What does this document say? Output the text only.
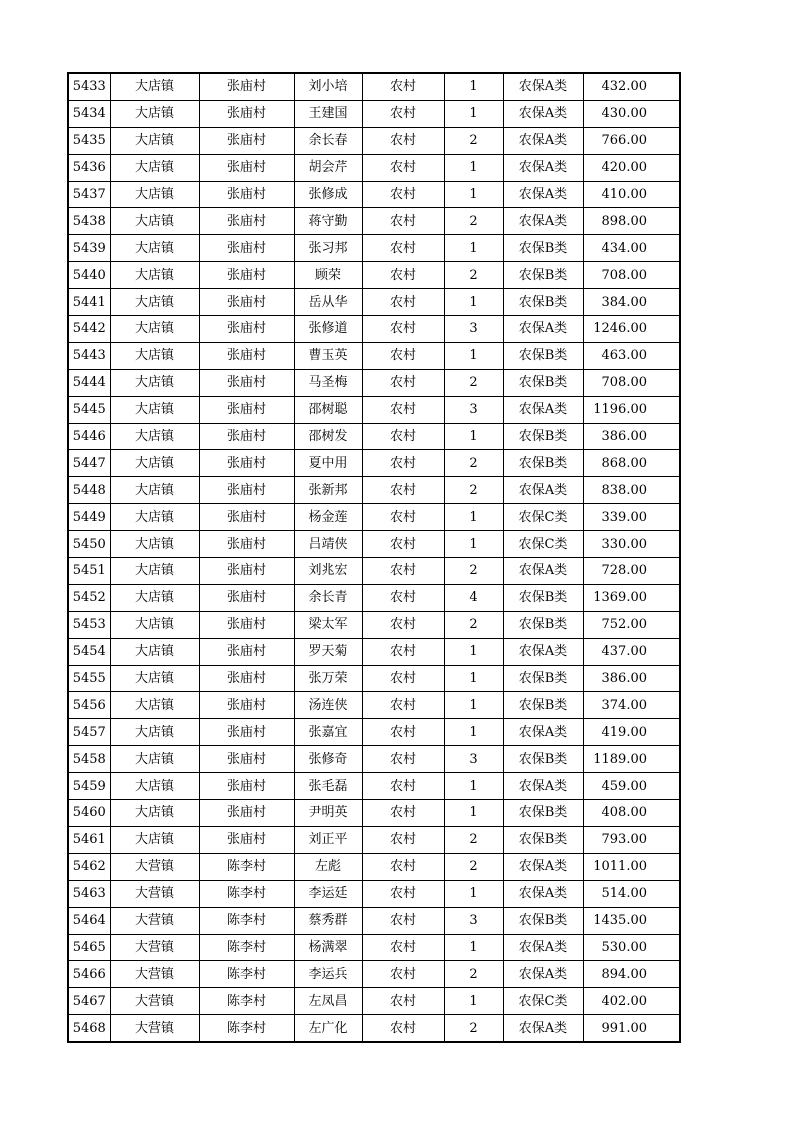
5433	大店镇	张庙村	刘小培	农村	1	农保A类	432.00
5434	大店镇	张庙村	王建国	农村	1	农保A类	430.00
5435	大店镇	张庙村	余长春	农村	2	农保A类	766.00
5436	大店镇	张庙村	胡会芹	农村	1	农保A类	420.00
5437	大店镇	张庙村	张修成	农村	1	农保A类	410.00
5438	大店镇	张庙村	蒋守勤	农村	2	农保A类	898.00
5439	大店镇	张庙村	张习邦	农村	1	农保B类	434.00
5440	大店镇	张庙村	顾荣	农村	2	农保B类	708.00
5441	大店镇	张庙村	岳从华	农村	1	农保B类	384.00
5442	大店镇	张庙村	张修道	农村	3	农保A类	1246.00
5443	大店镇	张庙村	曹玉英	农村	1	农保B类	463.00
5444	大店镇	张庙村	马圣梅	农村	2	农保B类	708.00
5445	大店镇	张庙村	邵树聪	农村	3	农保A类	1196.00
5446	大店镇	张庙村	邵树发	农村	1	农保B类	386.00
5447	大店镇	张庙村	夏中用	农村	2	农保B类	868.00
5448	大店镇	张庙村	张新邦	农村	2	农保A类	838.00
5449	大店镇	张庙村	杨金莲	农村	1	农保C类	339.00
5450	大店镇	张庙村	吕靖侠	农村	1	农保C类	330.00
5451	大店镇	张庙村	刘兆宏	农村	2	农保A类	728.00
5452	大店镇	张庙村	余长青	农村	4	农保B类	1369.00
5453	大店镇	张庙村	梁太军	农村	2	农保B类	752.00
5454	大店镇	张庙村	罗天菊	农村	1	农保A类	437.00
5455	大店镇	张庙村	张万荣	农村	1	农保B类	386.00
5456	大店镇	张庙村	汤连侠	农村	1	农保B类	374.00
5457	大店镇	张庙村	张嘉宜	农村	1	农保A类	419.00
5458	大店镇	张庙村	张修奇	农村	3	农保B类	1189.00
5459	大店镇	张庙村	张毛磊	农村	1	农保A类	459.00
5460	大店镇	张庙村	尹明英	农村	1	农保B类	408.00
5461	大店镇	张庙村	刘正平	农村	2	农保B类	793.00
5462	大营镇	陈李村	左彪	农村	2	农保A类	1011.00
5463	大营镇	陈李村	李运廷	农村	1	农保A类	514.00
5464	大营镇	陈李村	蔡秀群	农村	3	农保B类	1435.00
5465	大营镇	陈李村	杨满翠	农村	1	农保A类	530.00
5466	大营镇	陈李村	李运兵	农村	2	农保A类	894.00
5467	大营镇	陈李村	左凤昌	农村	1	农保C类	402.00
5468	大营镇	陈李村	左广化	农村	2	农保A类	991.00
